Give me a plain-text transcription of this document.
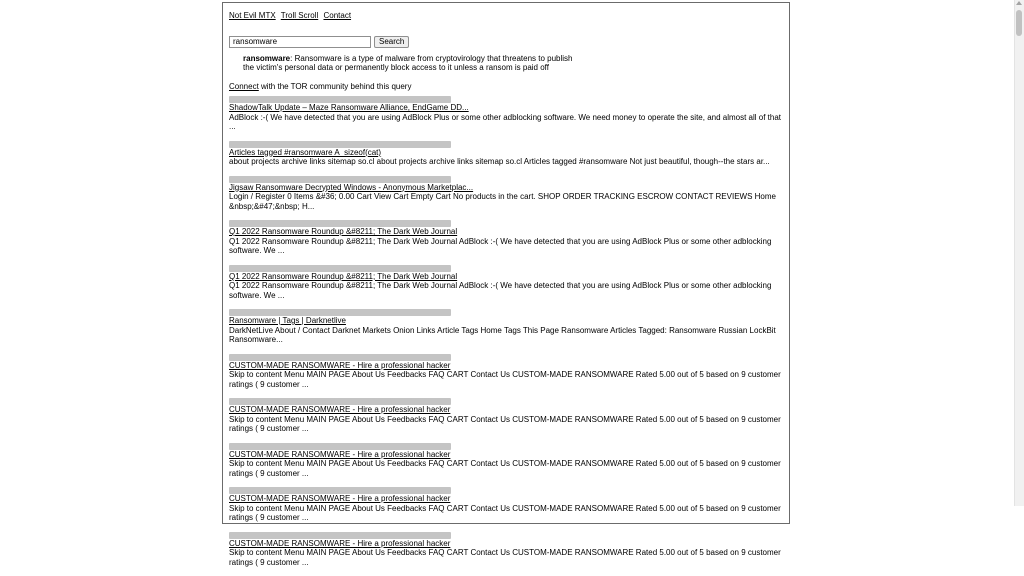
Not Evil MTX Troll Scroll Contact
ransomware
Search
ransomware: Ransomware is a type of malware from cryptovirology that threatens to publish the victim's personal data or permanently block access to it unless a ransom is paid off
Connect with the TOR community behind this query
ShadowTalk Update – Maze Ransomware Alliance, EndGame DD...
AdBlock :-( We have detected that you are using AdBlock Plus or some other adblocking software. We need money to operate the site, and almost all of that ...
Articles tagged #ransomware A_sizeof(cat)
about projects archive links sitemap so.cl about projects archive links sitemap so.cl Articles tagged #ransomware Not just beautiful, though--the stars ar...
Jigsaw Ransomware Decrypted Windows - Anonymous Marketplac...
Login / Register 0 Items &#36; 0.00 Cart View Cart Empty Cart No products in the cart. SHOP ORDER TRACKING ESCROW CONTACT REVIEWS Home &nbsp;&#47;&nbsp; H...
Q1 2022 Ransomware Roundup &#8211; The Dark Web Journal
Q1 2022 Ransomware Roundup &#8211; The Dark Web Journal AdBlock :-( We have detected that you are using AdBlock Plus or some other adblocking software. We ...
Q1 2022 Ransomware Roundup &#8211; The Dark Web Journal
Q1 2022 Ransomware Roundup &#8211; The Dark Web Journal AdBlock :-( We have detected that you are using AdBlock Plus or some other adblocking software. We ...
Ransomware | Tags | Darknetlive
DarkNetLive About / Contact Darknet Markets Onion Links Article Tags Home Tags This Page Ransomware Articles Tagged: Ransomware Russian LockBit Ransomware...
CUSTOM-MADE RANSOMWARE - Hire a professional hacker
Skip to content Menu MAIN PAGE About Us Feedbacks FAQ CART Contact Us CUSTOM-MADE RANSOMWARE Rated 5.00 out of 5 based on 9 customer ratings ( 9 customer ...
CUSTOM-MADE RANSOMWARE - Hire a professional hacker
Skip to content Menu MAIN PAGE About Us Feedbacks FAQ CART Contact Us CUSTOM-MADE RANSOMWARE Rated 5.00 out of 5 based on 9 customer ratings ( 9 customer ...
CUSTOM-MADE RANSOMWARE - Hire a professional hacker
Skip to content Menu MAIN PAGE About Us Feedbacks FAQ CART Contact Us CUSTOM-MADE RANSOMWARE Rated 5.00 out of 5 based on 9 customer ratings ( 9 customer ...
CUSTOM-MADE RANSOMWARE - Hire a professional hacker
Skip to content Menu MAIN PAGE About Us Feedbacks FAQ CART Contact Us CUSTOM-MADE RANSOMWARE Rated 5.00 out of 5 based on 9 customer ratings ( 9 customer ...
CUSTOM-MADE RANSOMWARE - Hire a professional hacker
Skip to content Menu MAIN PAGE About Us Feedbacks FAQ CART Contact Us CUSTOM-MADE RANSOMWARE Rated 5.00 out of 5 based on 9 customer ratings ( 9 customer ...
